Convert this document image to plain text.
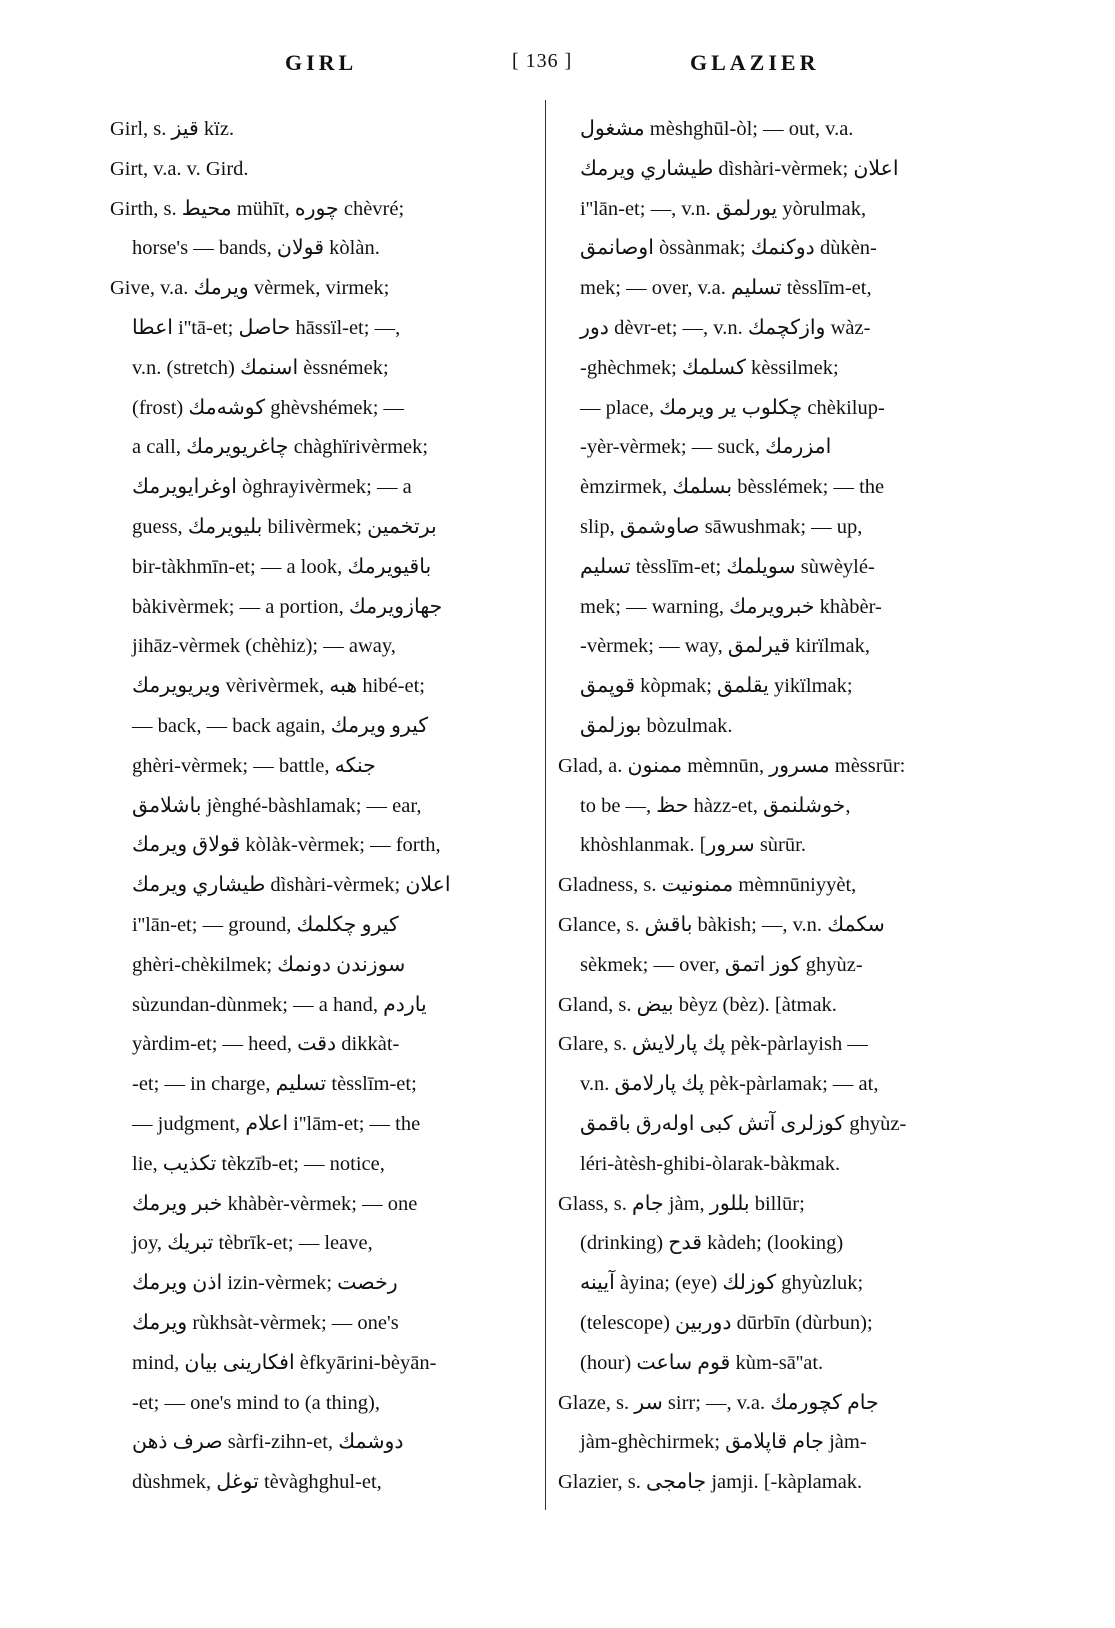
GIRL	[ 136 ]	GLAZIER
Girl, s. قيز kïz.
Girt, v.a. v. Gird.
Girth, s. محيط mühīt, چورە chèvré;
horse's — bands, قولان kòlàn.
Give, v.a. ويرمك vèrmek, virmek;
اعطا i''tā-et; حاصل hāssïl-et; —,
v.n. (stretch) اسنمك èssnémek;
(frost) كوشەمك ghèvshémek; —
a call, چاغريويرمك chàghïrivèrmek;
اوغرايويرمك òghrayivèrmek; — a
guess, بليويرمك bilivèrmek; برتخمين
bir-tàkhmīn-et; — a look, باقيويرمك
bàkivèrmek; — a portion, جهازويرمك
jihāz-vèrmek (chèhiz); — away,
ويريويرمك vèrivèrmek, هبه hibé-et;
— back, — back again, كيرو ويرمك
ghèri-vèrmek; — battle, جنكه
باشلامق jènghé-bàshlamak; — ear,
قولاق ويرمك kòlàk-vèrmek; — forth,
طيشاري ويرمك dìshàri-vèrmek; اعلان
i''lān-et; — ground, كيرو چكلمك
ghèri-chèkilmek; سوزندن دونمك
sùzundan-dùnmek; — a hand, ياردم
yàrdim-et; — heed, دقت dikkàt-
-et; — in charge, تسليم tèsslīm-et;
— judgment, اعلام i''lām-et; — the
lie, تكذيب tèkzīb-et; — notice,
خبر ويرمك khàbèr-vèrmek; — one
joy, تبريك tèbrīk-et; — leave,
اذن ويرمك izin-vèrmek; رخصت
ويرمك rùkhsàt-vèrmek; — one's
mind, افكارينى بيان èfkyārini-bèyān-
-et; — one's mind to (a thing),
صرف ذهن sàrfi-zihn-et, دوشمك
dùshmek, توغل tèvàghghul-et,
مشغول mèshghūl-òl; — out, v.a.
طيشاري ويرمك dìshàri-vèrmek; اعلان
i''lān-et; —, v.n. يورلمق yòrulmak,
اوصانمق òssànmak; دوكنمك dùkèn-
mek; — over, v.a. تسليم tèsslīm-et,
دور dèvr-et; —, v.n. وازكچمك wàz-
-ghèchmek; كسلمك kèssilmek;
— place, چكلوب ير ويرمك chèkilup-
-yèr-vèrmek; — suck, امزرمك
èmzirmek, بسلمك bèsslémek; — the
slip, صاوشمق sāwushmak; — up,
تسليم tèsslīm-et; سويلمك sùwèylé-
mek; — warning, خبرويرمك khàbèr-
-vèrmek; — way, قيرلمق kirïlmak,
قوپمق kòpmak; يقلمق yikïlmak;
بوزلمق bòzulmak.
Glad, a. ممنون mèmnūn, مسرور mèssrūr:
to be —, حظ hàzz-et, خوشلنمق,
khòshlanmak. [سرور sùrūr.
Gladness, s. ممنونيت mèmnūniyyèt,
Glance, s. باقش bàkish; —, v.n. سكمك
sèkmek; — over, كوز اتمق ghyùz-
Gland, s. بيض bèyz (bèz). [àtmak.
Glare, s. پك پارلايش pèk-pàrlayish —
v.n. پك پارلامق pèk-pàrlamak; — at,
كوزلرى آتش كبى اولەرق باقمق ghyùz-
léri-àtèsh-ghibi-òlarak-bàkmak.
Glass, s. جام jàm, بللور billūr;
(drinking) قدح kàdeh; (looking)
آيينه àyina; (eye) كوزلك ghyùzluk;
(telescope) دوربين dūrbīn (dùrbun);
(hour) قوم ساعت kùm-sā''at.
Glaze, s. سر sirr; —, v.a. جام كچورمك
jàm-ghèchirmek; جام قاپلامق jàm-
Glazier, s. جامجى jamji. [-kàplamak.
